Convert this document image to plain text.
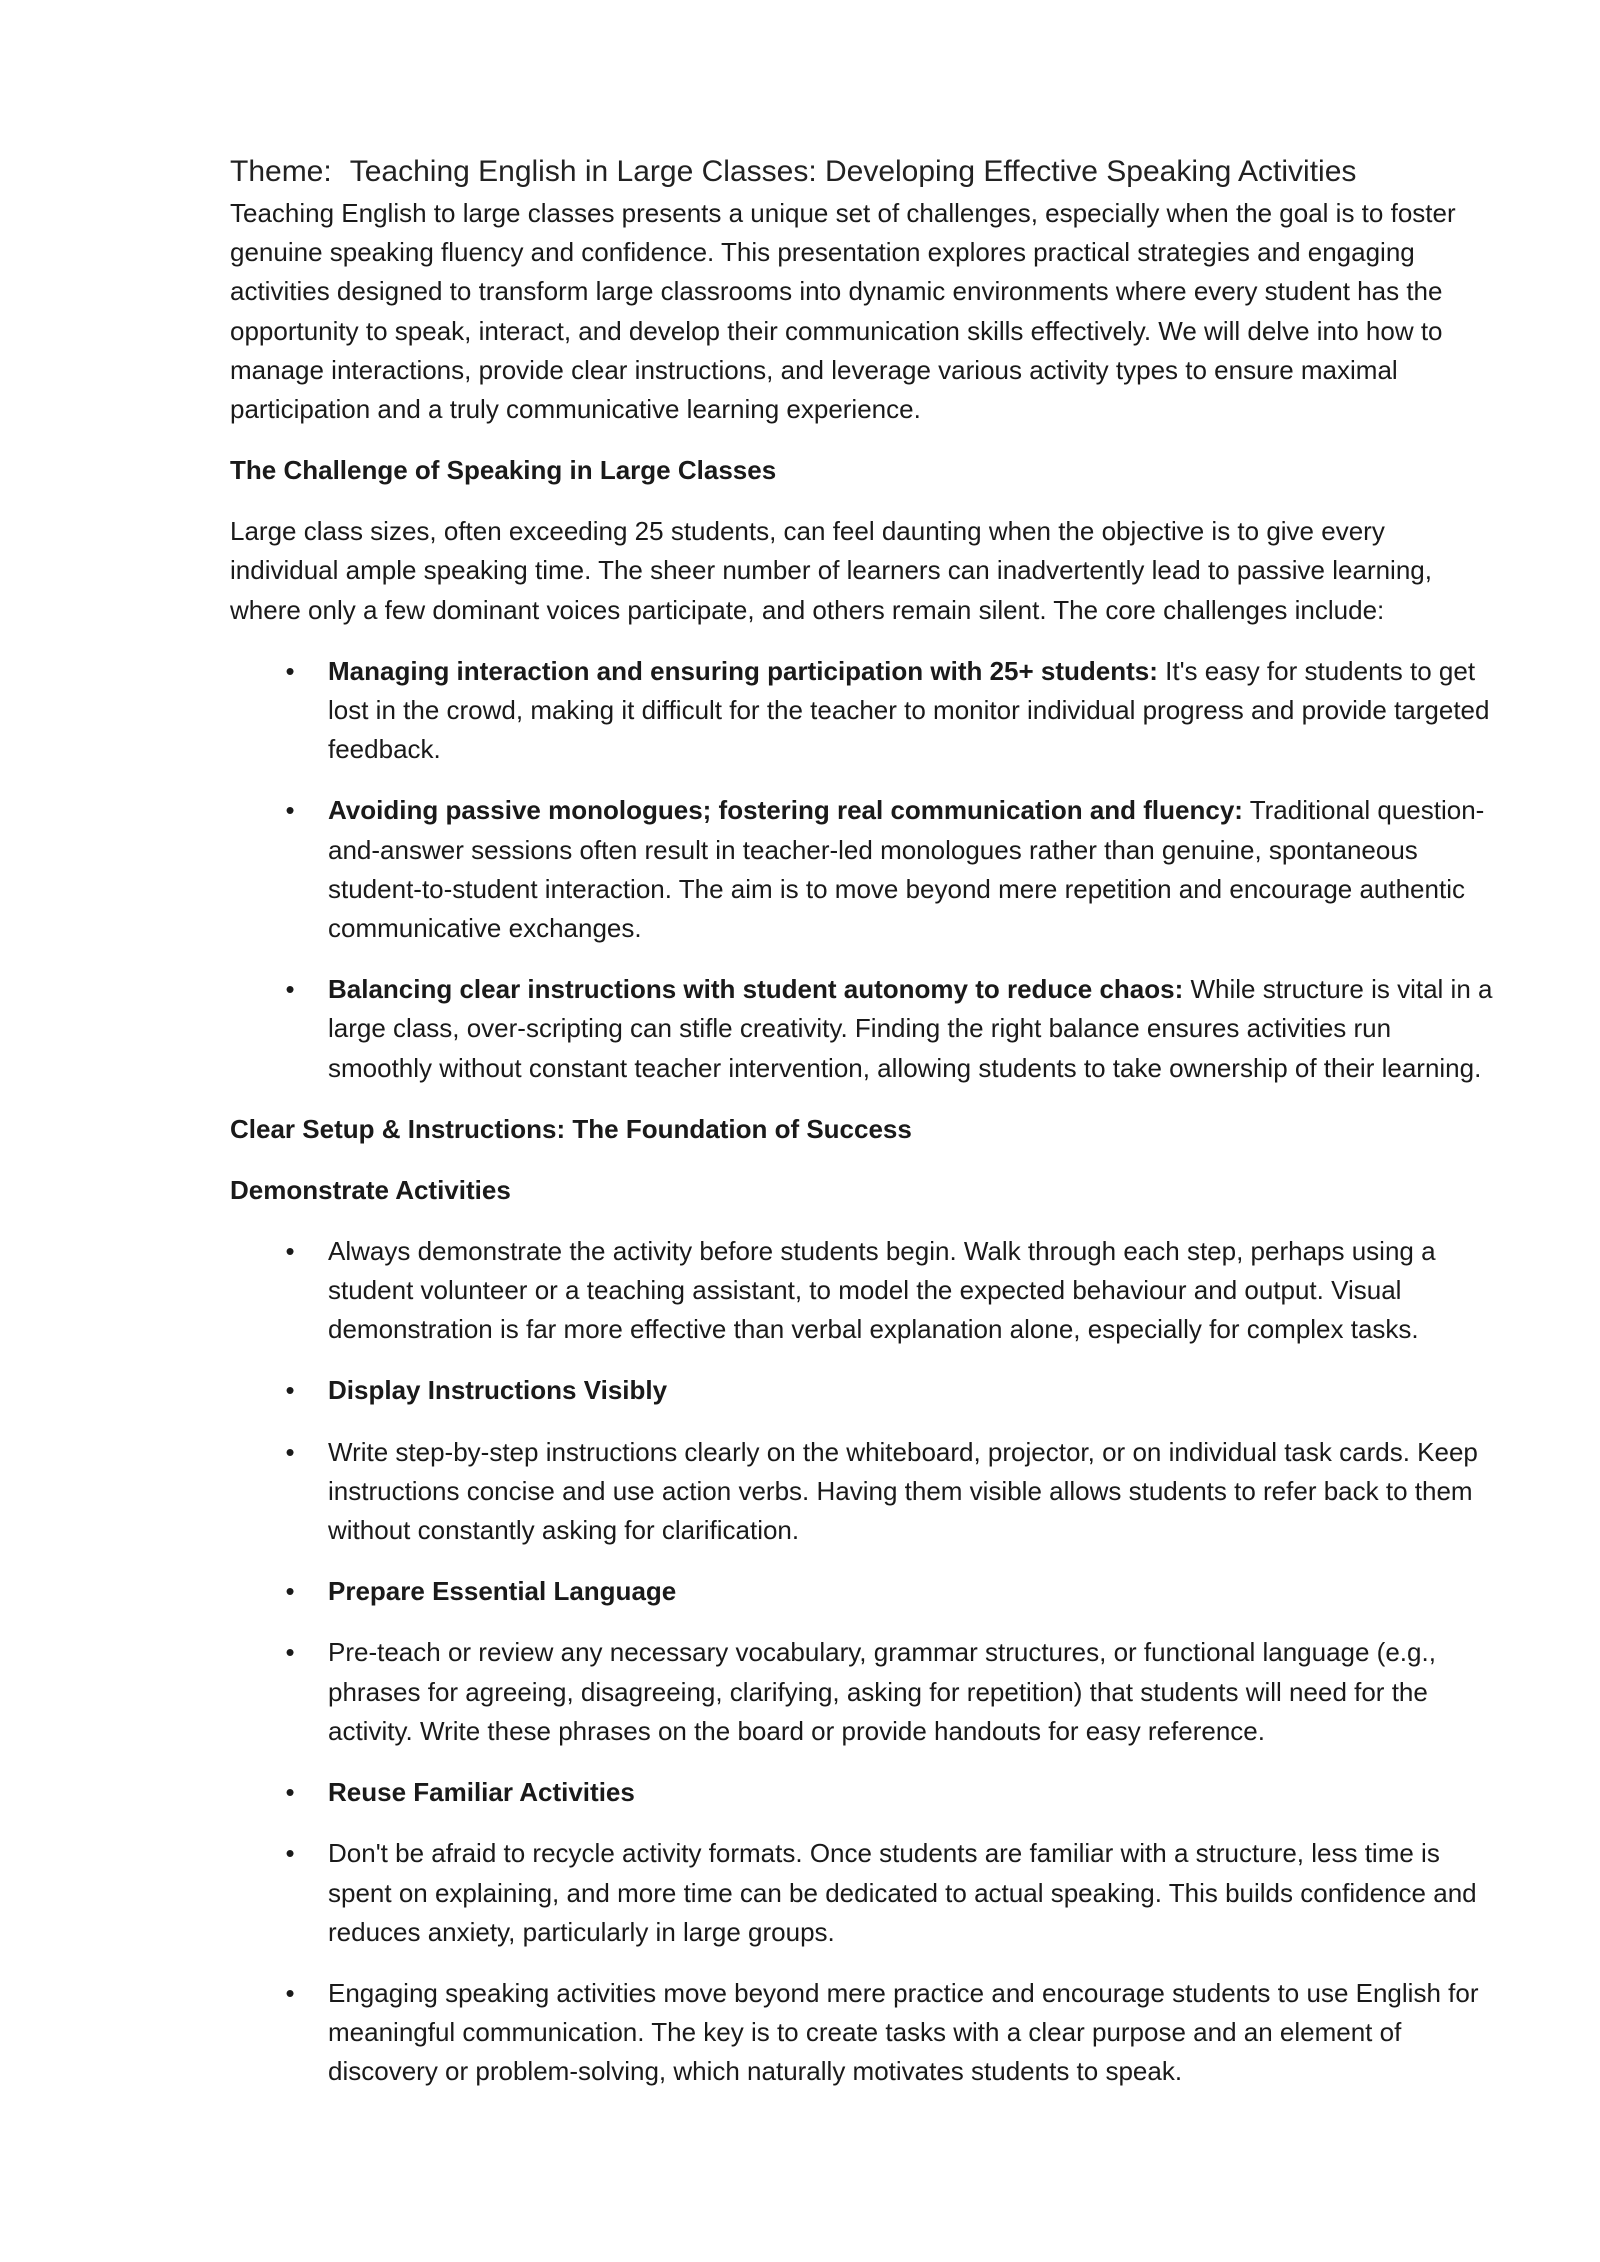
Theme: Teaching English in Large Classes: Developing Effective Speaking Activities

Teaching English to large classes presents a unique set of challenges, especially when the goal is to foster genuine speaking fluency and confidence. This presentation explores practical strategies and engaging activities designed to transform large classrooms into dynamic environments where every student has the opportunity to speak, interact, and develop their communication skills effectively. We will delve into how to manage interactions, provide clear instructions, and leverage various activity types to ensure maximal participation and a truly communicative learning experience.

The Challenge of Speaking in Large Classes

Large class sizes, often exceeding 25 students, can feel daunting when the objective is to give every individual ample speaking time. The sheer number of learners can inadvertently lead to passive learning, where only a few dominant voices participate, and others remain silent. The core challenges include:

• Managing interaction and ensuring participation with 25+ students: It's easy for students to get lost in the crowd, making it difficult for the teacher to monitor individual progress and provide targeted feedback.
• Avoiding passive monologues; fostering real communication and fluency: Traditional question-and-answer sessions often result in teacher-led monologues rather than genuine, spontaneous student-to-student interaction. The aim is to move beyond mere repetition and encourage authentic communicative exchanges.
• Balancing clear instructions with student autonomy to reduce chaos: While structure is vital in a large class, over-scripting can stifle creativity. Finding the right balance ensures activities run smoothly without constant teacher intervention, allowing students to take ownership of their learning.

Clear Setup & Instructions: The Foundation of Success

Demonstrate Activities

• Always demonstrate the activity before students begin. Walk through each step, perhaps using a student volunteer or a teaching assistant, to model the expected behaviour and output. Visual demonstration is far more effective than verbal explanation alone, especially for complex tasks.
• Display Instructions Visibly
• Write step-by-step instructions clearly on the whiteboard, projector, or on individual task cards. Keep instructions concise and use action verbs. Having them visible allows students to refer back to them without constantly asking for clarification.
• Prepare Essential Language
• Pre-teach or review any necessary vocabulary, grammar structures, or functional language (e.g., phrases for agreeing, disagreeing, clarifying, asking for repetition) that students will need for the activity. Write these phrases on the board or provide handouts for easy reference.
• Reuse Familiar Activities
• Don't be afraid to recycle activity formats. Once students are familiar with a structure, less time is spent on explaining, and more time can be dedicated to actual speaking. This builds confidence and reduces anxiety, particularly in large groups.
• Engaging speaking activities move beyond mere practice and encourage students to use English for meaningful communication. The key is to create tasks with a clear purpose and an element of discovery or problem-solving, which naturally motivates students to speak.
